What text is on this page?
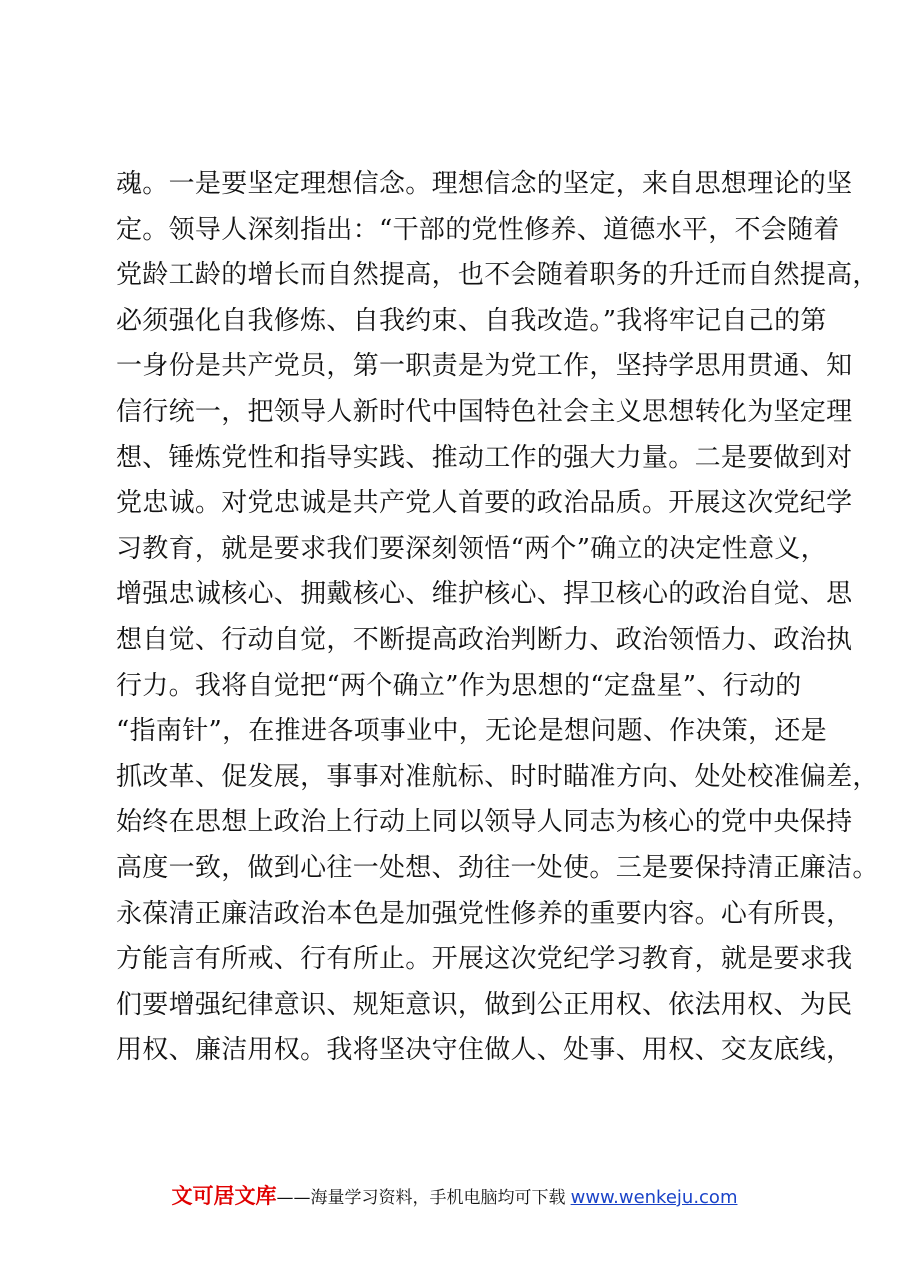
魂。一是要坚定理想信念。理想信念的坚定，来自思想理论的坚
定。领导人深刻指出：“干部的党性修养、道德水平，不会随着
党龄工龄的增长而自然提高，也不会随着职务的升迁而自然提高，
必须强化自我修炼、自我约束、自我改造。”我将牢记自己的第
一身份是共产党员，第一职责是为党工作，坚持学思用贯通、知
信行统一，把领导人新时代中国特色社会主义思想转化为坚定理
想、锤炼党性和指导实践、推动工作的强大力量。二是要做到对
党忠诚。对党忠诚是共产党人首要的政治品质。开展这次党纪学
习教育，就是要求我们要深刻领悟“两个”确立的决定性意义，
增强忠诚核心、拥戴核心、维护核心、捍卫核心的政治自觉、思
想自觉、行动自觉，不断提高政治判断力、政治领悟力、政治执
行力。我将自觉把“两个确立”作为思想的“定盘星”、行动的
“指南针”，在推进各项事业中，无论是想问题、作决策，还是
抓改革、促发展，事事对准航标、时时瞄准方向、处处校准偏差，
始终在思想上政治上行动上同以领导人同志为核心的党中央保持
高度一致，做到心往一处想、劲往一处使。三是要保持清正廉洁。
永葆清正廉洁政治本色是加强党性修养的重要内容。心有所畏，
方能言有所戒、行有所止。开展这次党纪学习教育，就是要求我
们要增强纪律意识、规矩意识，做到公正用权、依法用权、为民
用权、廉洁用权。我将坚决守住做人、处事、用权、交友底线，
文可居文库——海量学习资料，手机电脑均可下载 www.wenkeju.com
